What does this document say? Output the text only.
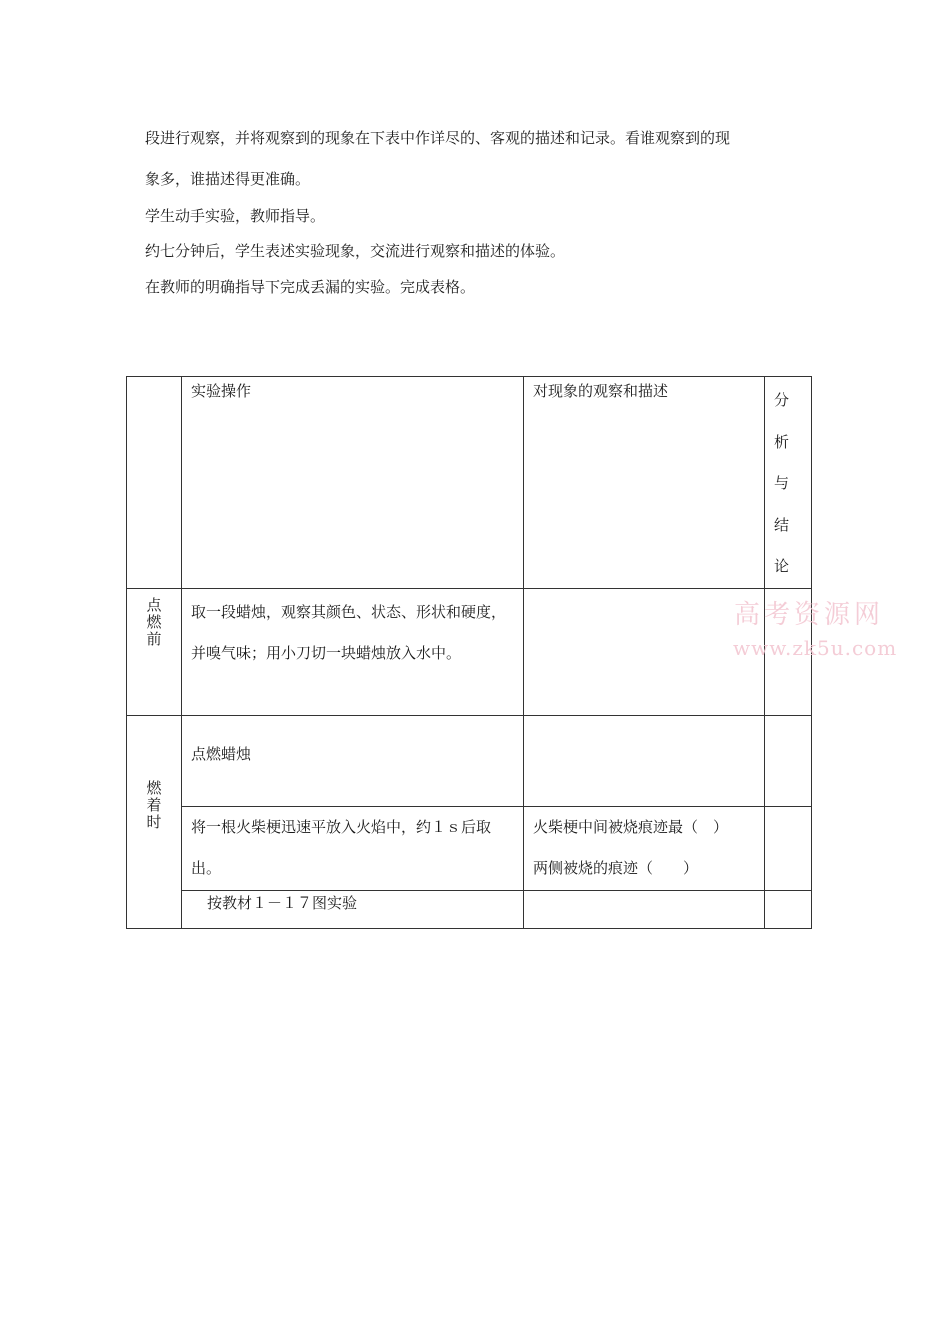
段进行观察，并将观察到的现象在下表中作详尽的、客观的描述和记录。看谁观察到的现
象多，谁描述得更准确。
学生动手实验，教师指导。
约七分钟后，学生表述实验现象，交流进行观察和描述的体验。
在教师的明确指导下完成丢漏的实验。完成表格。

	实验操作	对现象的观察和描述	分
析
与
结
论

点
燃
前	取一段蜡烛，观察其颜色、状态、形状和硬度，并嗅气味；用小刀切一块蜡烛放入水中。		

燃
着
时	点燃蜡烛		

	将一根火柴梗迅速平放入火焰中，约１ｓ后取出。	火柴梗中间被烧痕迹最（　）
两侧被烧的痕迹（　　）	

	按教材１－１７图实验		

高考资源网
www.zk5u.com
